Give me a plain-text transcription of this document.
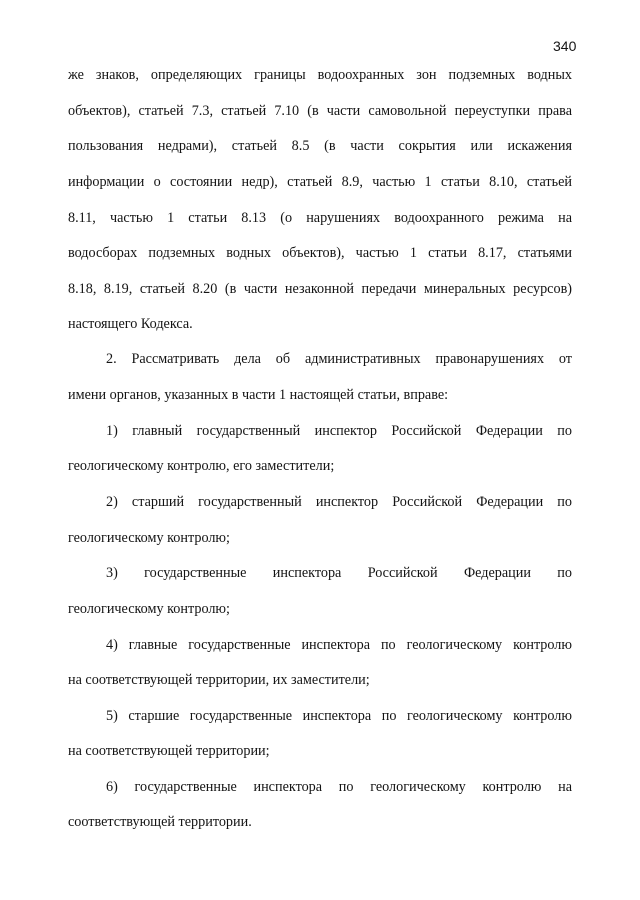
340
же знаков, определяющих границы водоохранных зон подземных водных
объектов), статьей 7.3, статьей 7.10 (в части самовольной переуступки права
пользования недрами), статьей 8.5 (в части сокрытия или искажения
информации о состоянии недр), статьей 8.9, частью 1 статьи 8.10, статьей
8.11, частью 1 статьи 8.13 (о нарушениях водоохранного режима на
водосборах подземных водных объектов), частью 1 статьи 8.17, статьями
8.18, 8.19, статьей 8.20 (в части незаконной передачи минеральных ресурсов)
настоящего Кодекса.
2. Рассматривать дела об административных правонарушениях от
имени органов, указанных в части 1 настоящей статьи, вправе:
1) главный государственный инспектор Российской Федерации по
геологическому контролю, его заместители;
2) старший государственный инспектор Российской Федерации по
геологическому контролю;
3) государственные инспектора Российской Федерации по
геологическому контролю;
4) главные государственные инспектора по геологическому контролю
на соответствующей территории, их заместители;
5) старшие государственные инспектора по геологическому контролю
на соответствующей территории;
6) государственные инспектора по геологическому контролю на
соответствующей территории.
